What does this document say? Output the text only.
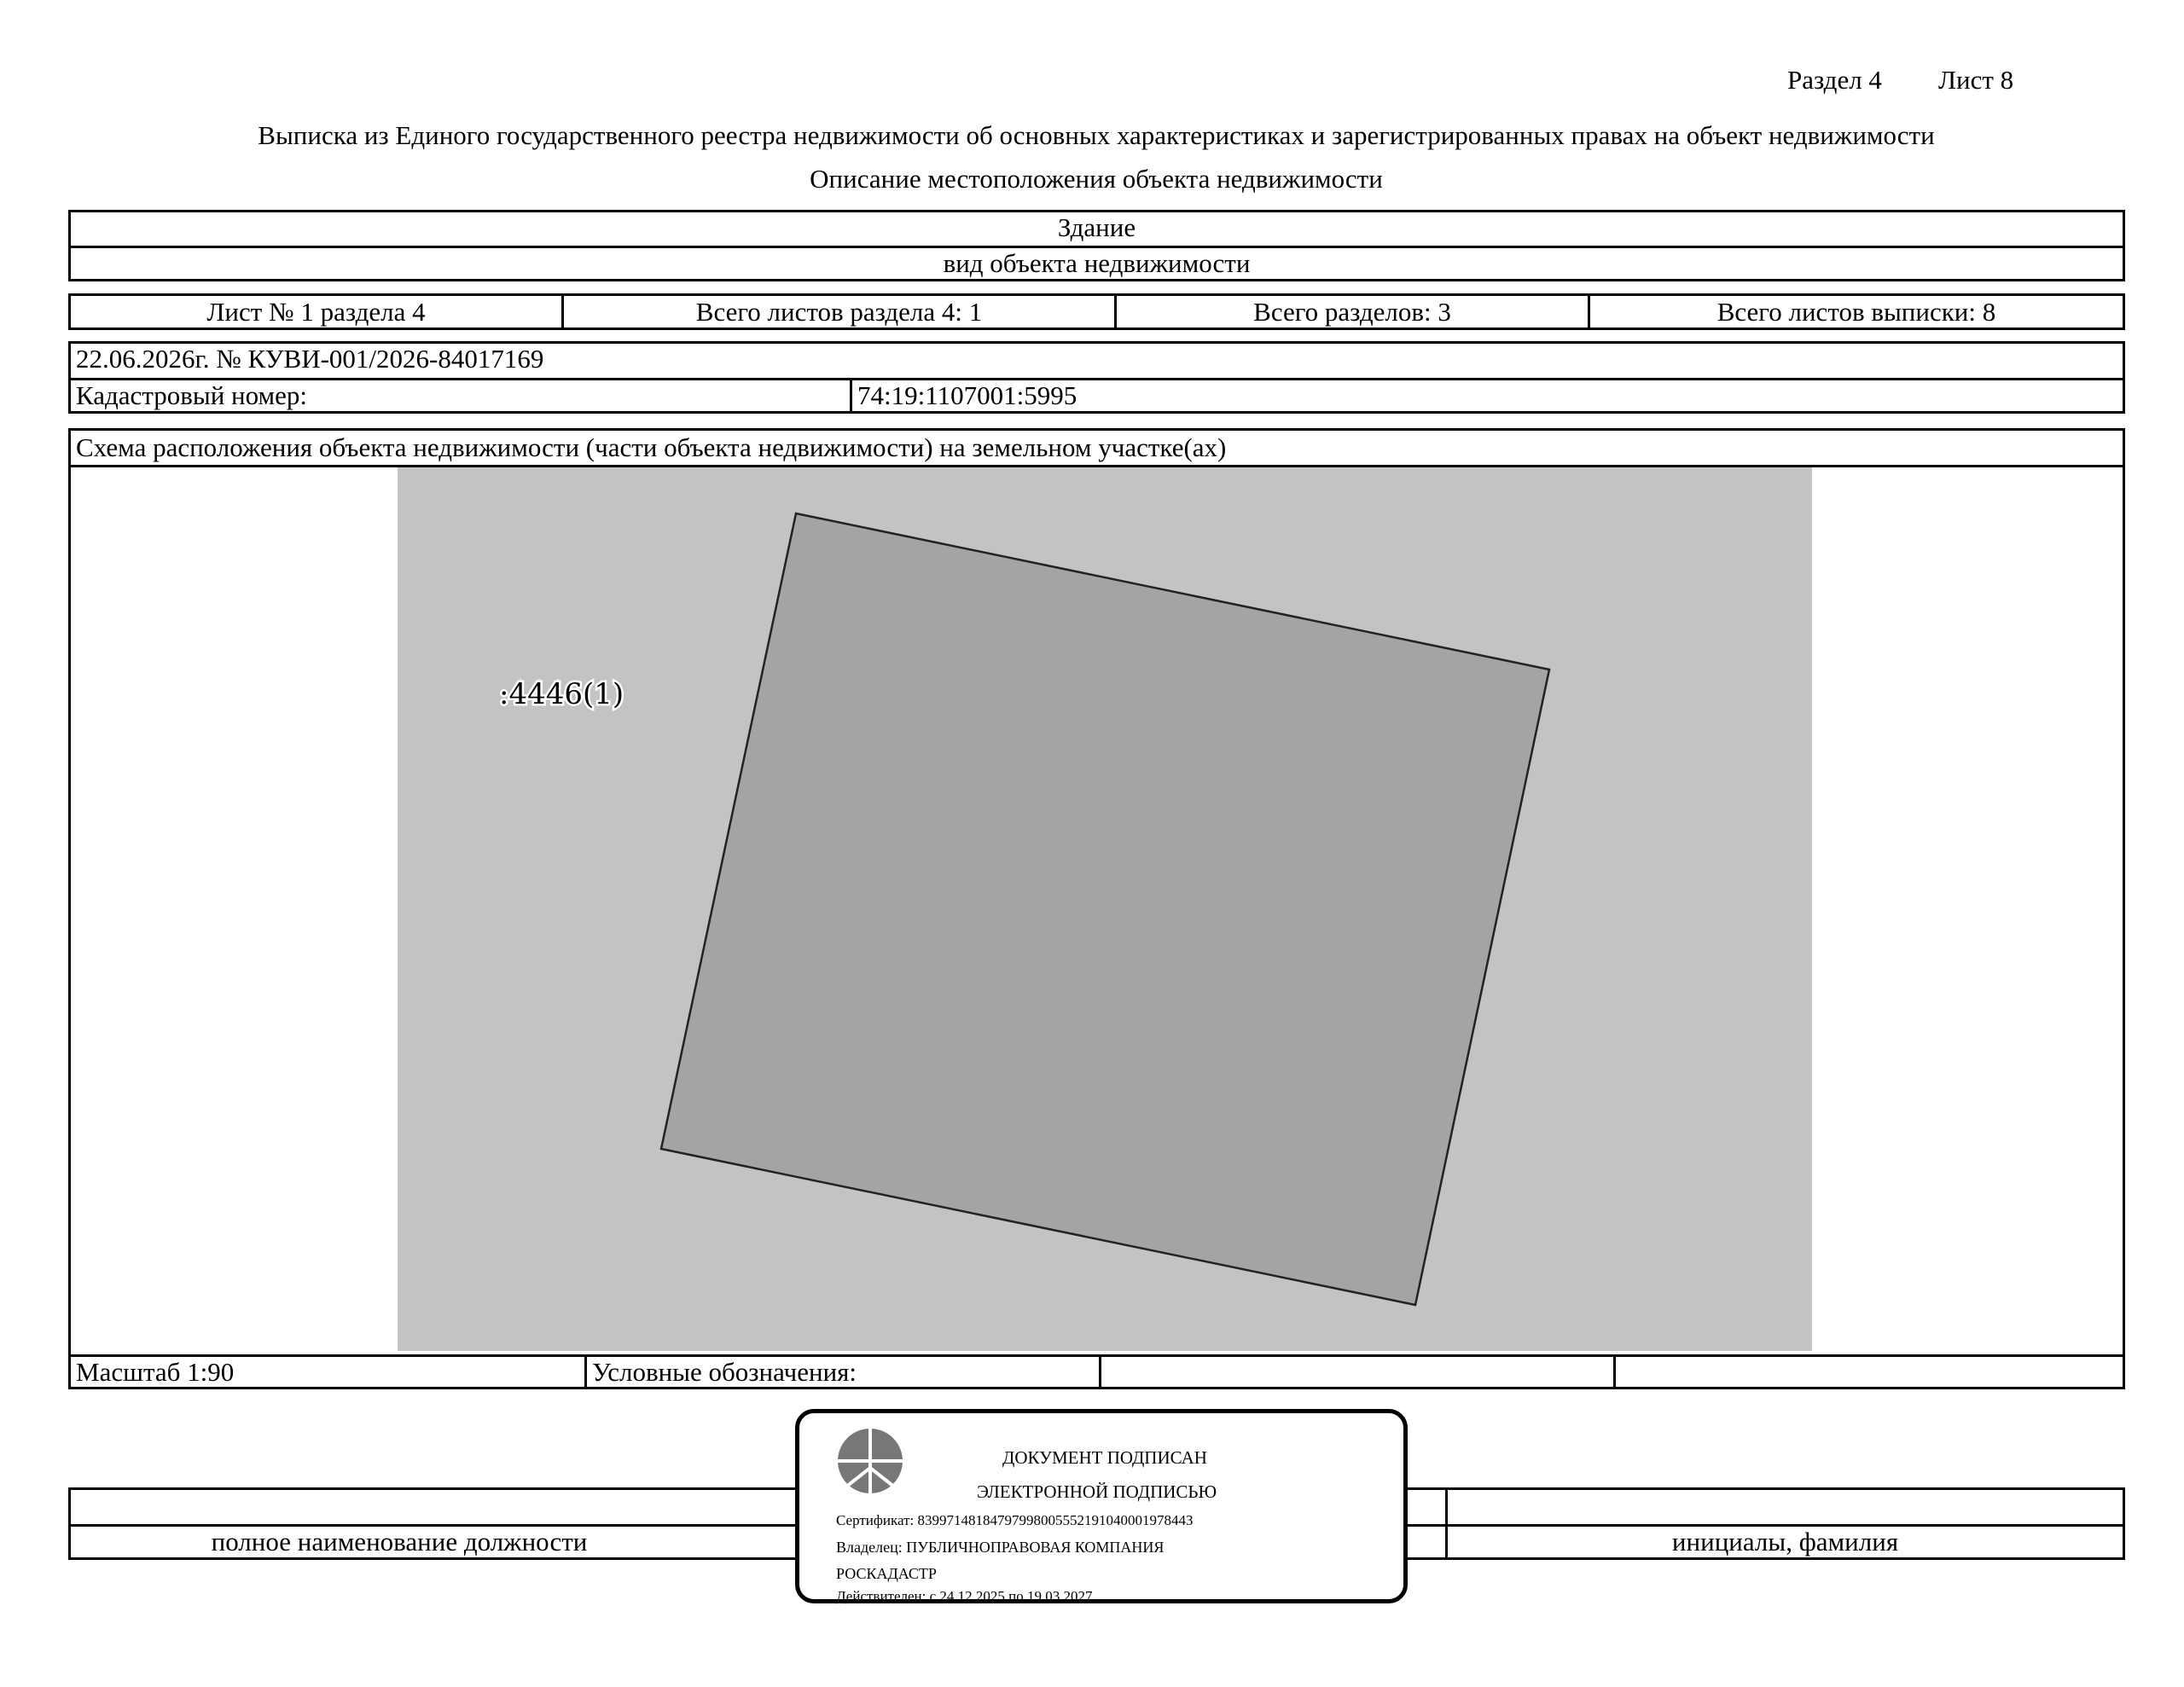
Раздел 4 Лист 8
Выписка из Единого государственного реестра недвижимости об основных характеристиках и зарегистрированных правах на объект недвижимости
Описание местоположения объекта недвижимости
Здание
вид объекта недвижимости
Лист № 1 раздела 4	Всего листов раздела 4: 1	Всего разделов: 3	Всего листов выписки: 8
22.06.2026г. № КУВИ-001/2026-84017169
Кадастровый номер:	74:19:1107001:5995
Схема расположения объекта недвижимости (части объекта недвижимости) на земельном участке(ах)
Масштаб 1:90	Условные обозначения:
:4446(1)
полное наименование должности	инициалы, фамилия
ДОКУМЕНТ ПОДПИСАН
ЭЛЕКТРОННОЙ ПОДПИСЬЮ
Сертификат: 8399714818479799800555219104000197844З
Владелец: ПУБЛИЧНОПРАВОВАЯ КОМПАНИЯ
РОСКАДАСТР
Действителен: с 24.12.2025 по 19.03.2027
